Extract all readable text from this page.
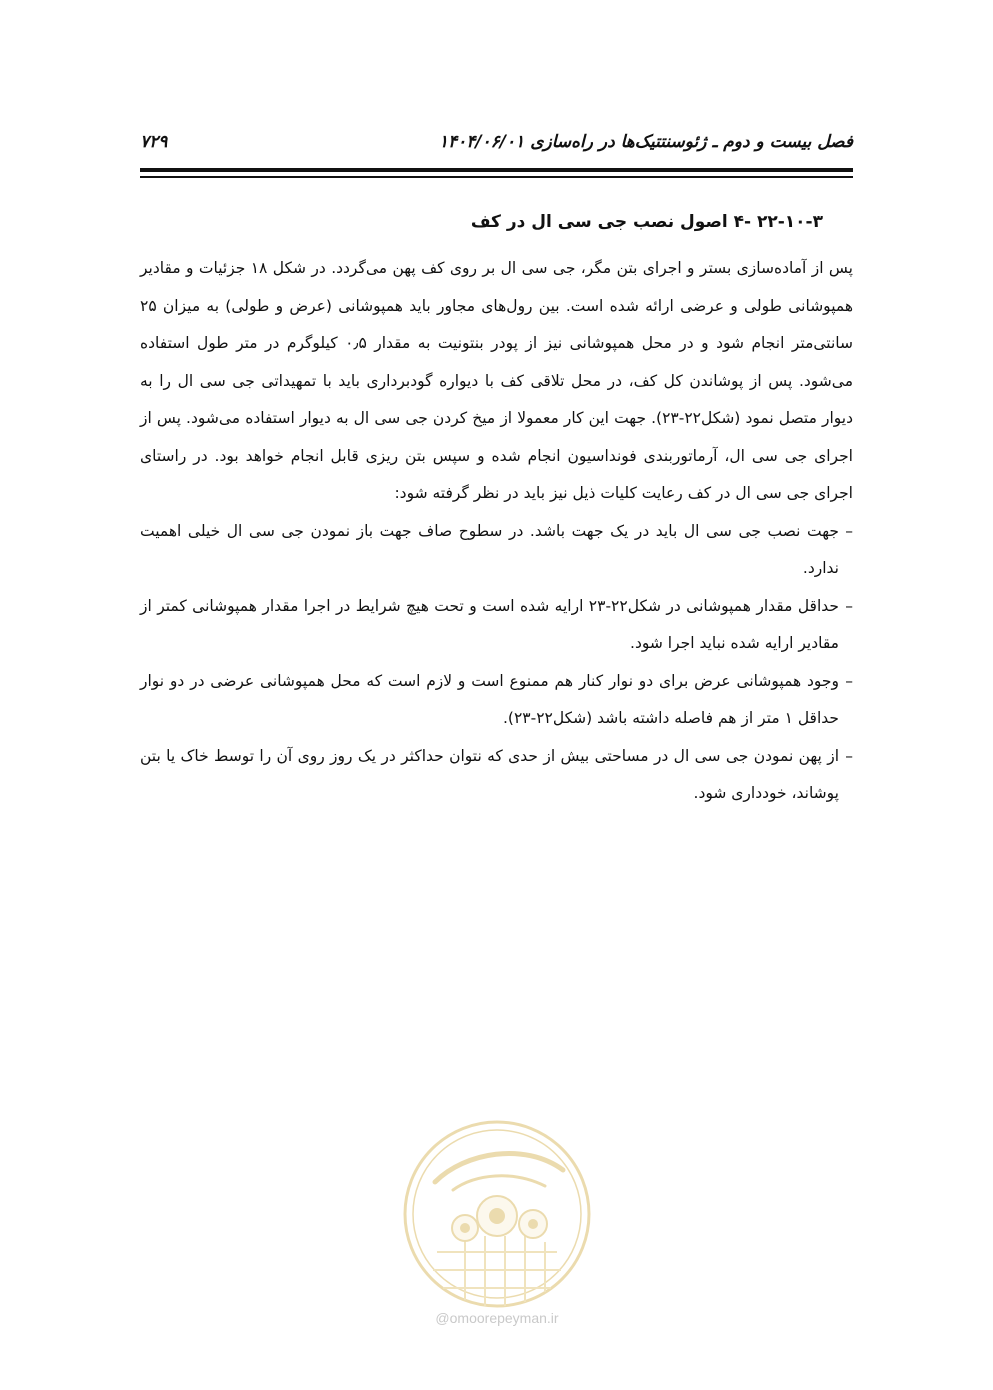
فصل بیست و دوم ـ ژئوسنتتیک‌ها در راه‌سازی ۱۴۰۴/۰۶/۰۱
۷۲۹
۲۲-۱۰-۳ -۴ اصول نصب جی سی ال در کف

پس از آماده‌سازی بستر و اجرای بتن مگر، جی سی ال بر روی کف پهن می‌گردد. در شکل ۱۸ جزئیات و مقادیر همپوشانی طولی و عرضی ارائه شده است. بین رول‌های مجاور باید همپوشانی (عرض و طولی) به میزان ۲۵ سانتی‌متر انجام شود و در محل همپوشانی نیز از پودر بنتونیت به مقدار ۰٫۵ کیلوگرم در متر طول استفاده می‌شود. پس از پوشاندن کل کف، در محل تلاقی کف با دیواره گودبرداری باید با تمهیداتی جی سی ال را به دیوار متصل نمود (شکل۲۲-۲۳). جهت این کار معمولا از میخ کردن جی سی ال به دیوار استفاده می‌شود. پس از اجرای جی سی ال، آرماتوربندی فونداسیون انجام شده و سپس بتن ریزی قابل انجام خواهد بود. در راستای اجرای جی سی ال در کف رعایت کلیات ذیل نیز باید در نظر گرفته شود:

–جهت نصب جی سی ال باید در یک جهت باشد. در سطوح صاف جهت باز نمودن جی سی ال خیلی اهمیت ندارد.
–حداقل مقدار همپوشانی در شکل۲۲-۲۳ ارایه شده است و تحت هیچ شرایط در اجرا مقدار همپوشانی کمتر از مقادیر ارایه شده نباید اجرا شود.
–وجود همپوشانی عرض برای دو نوار کنار هم ممنوع است و لازم است که محل همپوشانی عرضی در دو نوار حداقل ۱ متر از هم فاصله داشته باشد (شکل۲۲-۲۳).
–از پهن نمودن جی سی ال در مساحتی بیش از حدی که نتوان حداکثر در یک روز روی آن را توسط خاک یا بتن پوشاند، خودداری شود.
@omoorepeyman.ir
